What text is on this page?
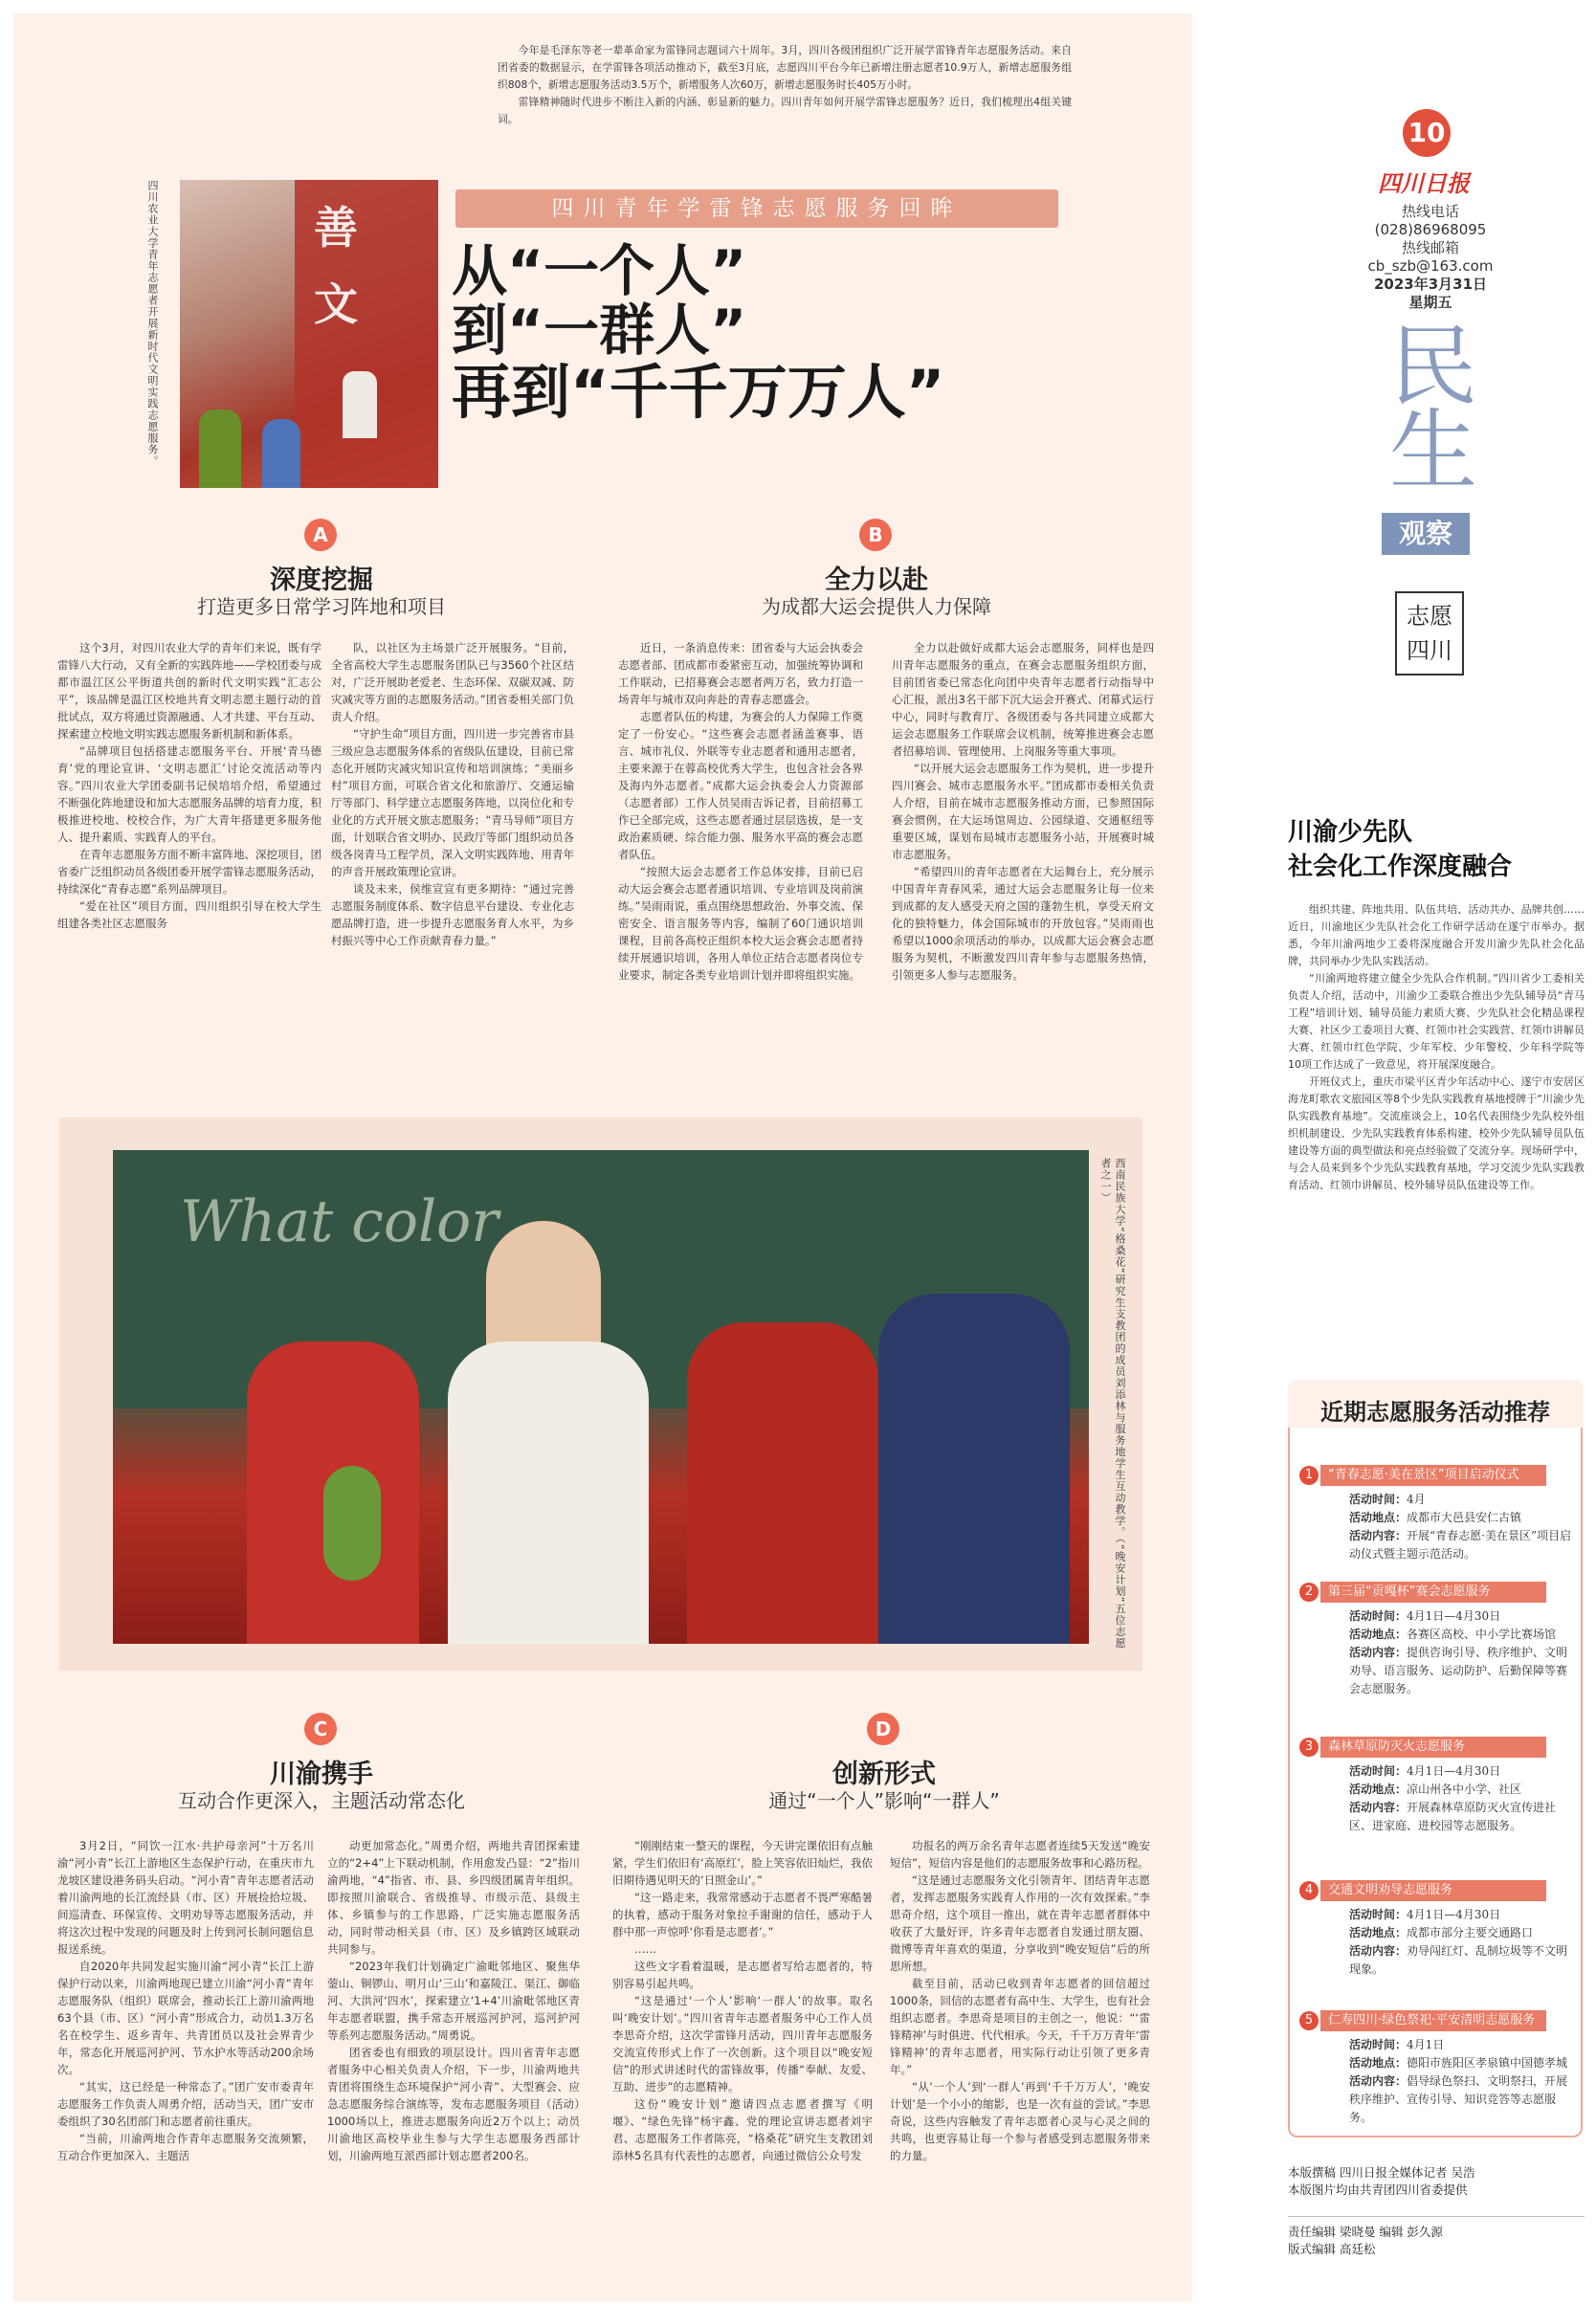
今年是毛泽东等老一辈革命家为雷锋同志题词六十周年。3月，四川各级团组织广泛开展学雷锋青年志愿服务活动。来自团省委的数据显示，在学雷锋各项活动推动下，截至3月底，志愿四川平台今年已新增注册志愿者10.9万人，新增志愿服务组织808个，新增志愿服务活动3.5万个，新增服务人次60万，新增志愿服务时长405万小时。

雷锋精神随时代进步不断注入新的内涵、彰显新的魅力。四川青年如何开展学雷锋志愿服务？近日，我们梳理出4组关键词。

四川农业大学青年志愿者开展新时代文明实践志愿服务。	善
文
四川青年学雷锋志愿服务回眸
从“一个人”
到“一群人”
再到“千千万万人”
A
深度挖掘
打造更多日常学习阵地和项目

这个3月，对四川农业大学的青年们来说，既有学雷锋八大行动，又有全新的实践阵地——学校团委与成都市温江区公平街道共创的新时代文明实践“汇志公平”，该品牌是温江区校地共育文明志愿主题行动的首批试点，双方将通过资源融通、人才共建、平台互动、探索建立校地文明实践志愿服务新机制和新体系。

“品牌项目包括搭建志愿服务平台、开展‘青马德育’党的理论宣讲、‘文明志愿汇’讨论交流活动等内容。”四川农业大学团委副书记侯培培介绍，希望通过不断强化阵地建设和加大志愿服务品牌的培育力度，积极推进校地、校校合作，为广大青年搭建更多服务他人、提升素质、实践育人的平台。

在青年志愿服务方面不断丰富阵地、深挖项目，团省委广泛组织动员各级团委开展学雷锋志愿服务活动，持续深化“青春志愿”系列品牌项目。

“爱在社区”项目方面，四川组织引导在校大学生组建各类社区志愿服务

队，以社区为主场景广泛开展服务。“目前，全省高校大学生志愿服务团队已与3560个社区结对，广泛开展助老爱老、生态环保、双碳双减、防灾减灾等方面的志愿服务活动。”团省委相关部门负责人介绍。

“守护生命”项目方面，四川进一步完善省市县三级应急志愿服务体系的省级队伍建设，目前已常态化开展防灾减灾知识宣传和培训演练；“美丽乡村”项目方面，可联合省文化和旅游厅、交通运输厅等部门、科学建立志愿服务阵地，以岗位化和专业化的方式开展文旅志愿服务；“青马导师”项目方面，计划联合省文明办、民政厅等部门组织动员各级各岗青马工程学员，深入文明实践阵地、用青年的声音开展政策理论宣讲。

谈及未来，侯维宣宣有更多期待：“通过完善志愿服务制度体系、数字信息平台建设、专业化志愿品牌打造，进一步提升志愿服务育人水平，为乡村振兴等中心工作贡献青春力量。”

B
全力以赴
为成都大运会提供人力保障

近日，一条消息传来：团省委与大运会执委会志愿者部、团成都市委紧密互动，加强统筹协调和工作联动，已招募赛会志愿者两万名，致力打造一场青年与城市双向奔赴的青春志愿盛会。

志愿者队伍的构建，为赛会的人力保障工作奠定了一份安心。“这些赛会志愿者涵盖赛事、语言、城市礼仪、外联等专业志愿者和通用志愿者，主要来源于在蓉高校优秀大学生，也包含社会各界及海内外志愿者。”成都大运会执委会人力资源部（志愿者部）工作人员吴雨吉诉记者，目前招募工作已全部完成，这些志愿者通过层层选拔，是一支政治素质硬、综合能力强、服务水平高的赛会志愿者队伍。

“按照大运会志愿者工作总体安排，目前已启动大运会赛会志愿者通识培训、专业培训及岗前演练。”吴雨雨说，重点围绕思想政治、外事交流、保密安全、语言服务等内容，编制了60门通识培训课程，目前各高校正组织本校大运会赛会志愿者持续开展通识培训，各用人单位正结合志愿者岗位专业要求，制定各类专业培训计划并即将组织实施。

全力以赴做好成都大运会志愿服务，同样也是四川青年志愿服务的重点，在赛会志愿服务组织方面，目前团省委已常态化向团中央青年志愿者行动指导中心汇报，派出3名干部下沉大运会开赛式、闭幕式运行中心，同时与教育厅、各级团委与各共同建立成都大运会志愿服务工作联席会议机制，统筹推进赛会志愿者招募培训、管理使用、上岗服务等重大事项。

“以开展大运会志愿服务工作为契机，进一步提升四川赛会、城市志愿服务水平。”团成都市委相关负责人介绍，目前在城市志愿服务推动方面，已参照国际赛会惯例，在大运场馆周边、公园绿道、交通枢纽等重要区域，谋划布局城市志愿服务小站，开展赛时城市志愿服务。

“希望四川的青年志愿者在大运舞台上，充分展示中国青年青春风采，通过大运会志愿服务让每一位来到成都的友人感受天府之国的蓬勃生机，享受天府文化的独特魅力，体会国际城市的开放包容。”吴雨雨也希望以1000余项活动的举办，以成都大运会赛会志愿服务为契机，不断激发四川青年参与志愿服务热情，引领更多人参与志愿服务。

What color	西南民族大学“格桑花”研究生支教团的成员刘添林与服务地学生互动教学。（“晚安计划”五位志愿者之一）
C
川渝携手
互动合作更深入，主题活动常态化

3月2日，“同饮一江水·共护母亲河”十万名川渝“河小青”长江上游地区生态保护行动，在重庆市九龙坡区建设港务码头启动。“河小青”青年志愿者活动着川渝两地的长江流经县（市、区）开展捡拾垃圾、间巡清查、环保宣传、文明劝导等志愿服务活动，并将这次过程中发现的问题及时上传到河长制问题信息报送系统。

自2020年共同发起实施川渝“河小青”长江上游保护行动以来，川渝两地现已建立川渝“河小青”青年志愿服务队（组织）联席会，推动长江上游川渝两地63个县（市、区）“河小青”形成合力，动员1.3万名名在校学生、返乡青年、共青团员以及社会界青少年，常态化开展巡河护河、节水护水等活动200余场次。

“其实，这已经是一种常态了。”团广安市委青年志愿服务工作负责人周勇介绍，活动当天，团广安市委组织了30名团部门和志愿者前往重庆。

“当前，川渝两地合作青年志愿服务交流频繁，互动合作更加深入、主题活

动更加常态化。”周勇介绍，两地共青团探索建立的“2+4”上下联动机制，作用愈发凸显：“2”指川渝两地，“4”指省、市、县、乡四级团属青年组织。即按照川渝联合、省级推导、市级示范、县级主体、乡镇参与的工作思路，广泛实施志愿服务活动，同时带动相关县（市、区）及乡镇跨区域联动共同参与。

“2023年我们计划确定广渝毗邻地区、聚焦华蓥山、铜锣山、明月山‘三山’和嘉陵江、渠江、御临河、大洪河‘四水’，探索建立‘1+4’川渝毗邻地区青年志愿者联盟，携手常态开展巡河护河，巡河护河等系列志愿服务活动。”周勇说。

团省委也有细致的项层设计。四川省青年志愿者服务中心相关负责人介绍，下一步，川渝两地共青团将围绕生态环境保护“河小青”、大型赛会、应急志愿服务综合演练等，发布志愿服务项目（活动）1000场以上，推进志愿服务向近2万个以上；动员川渝地区高校毕业生参与大学生志愿服务西部计划，川渝两地互派西部计划志愿者200名。

D
创新形式
通过“一个人”影响“一群人”

“刚刚结束一整天的课程，今天讲完课依旧有点触紧，学生们依旧有‘高原红’，脸上笑容依旧灿烂，我依旧期待遇见明天的‘日照金山’。”

“这一路走来，我常常感动于志愿者不畏严寒酷暑的执着，感动于服务对象拉手谢谢的信任，感动于人群中那一声惊呼‘你看是志愿者’。”

……

这些文字看着温暖，是志愿者写给志愿者的，特别容易引起共鸣。

“这是通过‘一个人’影响‘一群人’的故事。取名叫‘晚安计划’。”四川省青年志愿者服务中心工作人员李思奇介绍，这次学雷锋月活动，四川青年志愿服务交流宣传形式上作了一次创新。这个项目以“晚安短信”的形式讲述时代的雷锋故事，传播“奉献、友爱、互助、进步”的志愿精神。

这份“晚安计划”邀请四点志愿者撰写《明堰》、“绿色先锋”杨宇鑫、党的理论宣讲志愿者刘宇君、志愿服务工作者陈亮，“格桑花”研究生支教团刘添林5名具有代表性的志愿者，向通过微信公众号发

功报名的两万余名青年志愿者连续5天发送“晚安短信”，短信内容是他们的志愿服务故事和心路历程。

“这是通过志愿服务文化引领青年、团结青年志愿者，发挥志愿服务实践育人作用的一次有效探索。”李思奇介绍，这个项目一推出，就在青年志愿者群体中收获了大量好评，许多青年志愿者自发通过朋友圈、微博等青年喜欢的渠道，分享收到“晚安短信”后的所思所想。

截至目前，活动已收到青年志愿者的回信超过1000条，回信的志愿者有高中生、大学生，也有社会组织志愿者。李思奇是项目的主创之一，他说：“‘雷锋精神’与时俱进、代代相承。今天，千千万万青年‘雷锋精神’的青年志愿者，用实际行动让引领了更多青年。”

“从‘一个人’到‘一群人’再到‘千千万万人’，‘晚安计划’是一个小小的缩影，也是一次有益的尝试。”李思奇说，这些内容触发了青年志愿者心灵与心灵之间的共鸣，也更容易让每一个参与者感受到志愿服务带来的力量。

10
四川日报
热线电话
(028)86968095
热线邮箱
cb_szb@163.com
2023年3月31日
星期五
民生
观察
志愿四川
川渝少先队
社会化工作深度融合

组织共建、阵地共用、队伍共培、活动共办、品牌共创……近日，川渝地区少先队社会化工作研学活动在遂宁市举办。据悉，今年川渝两地少工委将深度融合开发川渝少先队社会化品牌，共同举办少先队实践活动。

“川渝两地将建立健全少先队合作机制。”四川省少工委相关负责人介绍，活动中，川渝少工委联合推出少先队辅导员“青马工程”培训计划、辅导员能力素质大赛、少先队社会化精品课程大赛、社区少工委项目大赛、红领巾社会实践营、红领巾讲解员大赛、红领巾红色学院、少年军校、少年警校、少年科学院等10项工作达成了一致意见，将开展深度融合。

开班仪式上，重庆市梁平区青少年活动中心、遂宁市安居区海龙町歌农文旅园区等8个少先队实践教育基地授牌于“川渝少先队实践教育基地”。交流座谈会上，10名代表围绕少先队校外组织机制建设、少先队实践教育体系构建、校外少先队辅导员队伍建设等方面的典型做法和亮点经验做了交流分享。现场研学中，与会人员来到多个少先队实践教育基地，学习交流少先队实践教育活动、红领巾讲解员、校外辅导员队伍建设等工作。

近期志愿服务活动推荐
1	“青春志愿·美在景区”项目启动仪式
活动时间：4月
活动地点：成都市大邑县安仁古镇
活动内容：开展“青春志愿·美在景区”项目启动仪式暨主题示范活动。
2	第三届“贡嘎杯”赛会志愿服务
活动时间：4月1日—4月30日
活动地点：各赛区高校、中小学比赛场馆
活动内容：提供咨询引导、秩序维护、文明劝导、语言服务、运动防护、后勤保障等赛会志愿服务。
3	森林草原防灭火志愿服务
活动时间：4月1日—4月30日
活动地点：凉山州各中小学、社区
活动内容：开展森林草原防灭火宣传进社区、进家庭、进校园等志愿服务。
4	交通文明劝导志愿服务
活动时间：4月1日—4月30日
活动地点：成都市部分主要交通路口
活动内容：劝导闯红灯、乱制垃圾等不文明现象。
5	仁寿四川·绿色祭祀·平安清明志愿服务
活动时间：4月1日
活动地点：德阳市旌阳区孝泉镇中国德孝城
活动内容：倡导绿色祭扫、文明祭扫，开展秩序维护、宣传引导、知识竞答等志愿服务。
本版撰稿 四川日报全媒体记者 吴浩
本版图片均由共青团四川省委提供
责任编辑 梁晓曼 编辑 彭久源
版式编辑 高廷松
